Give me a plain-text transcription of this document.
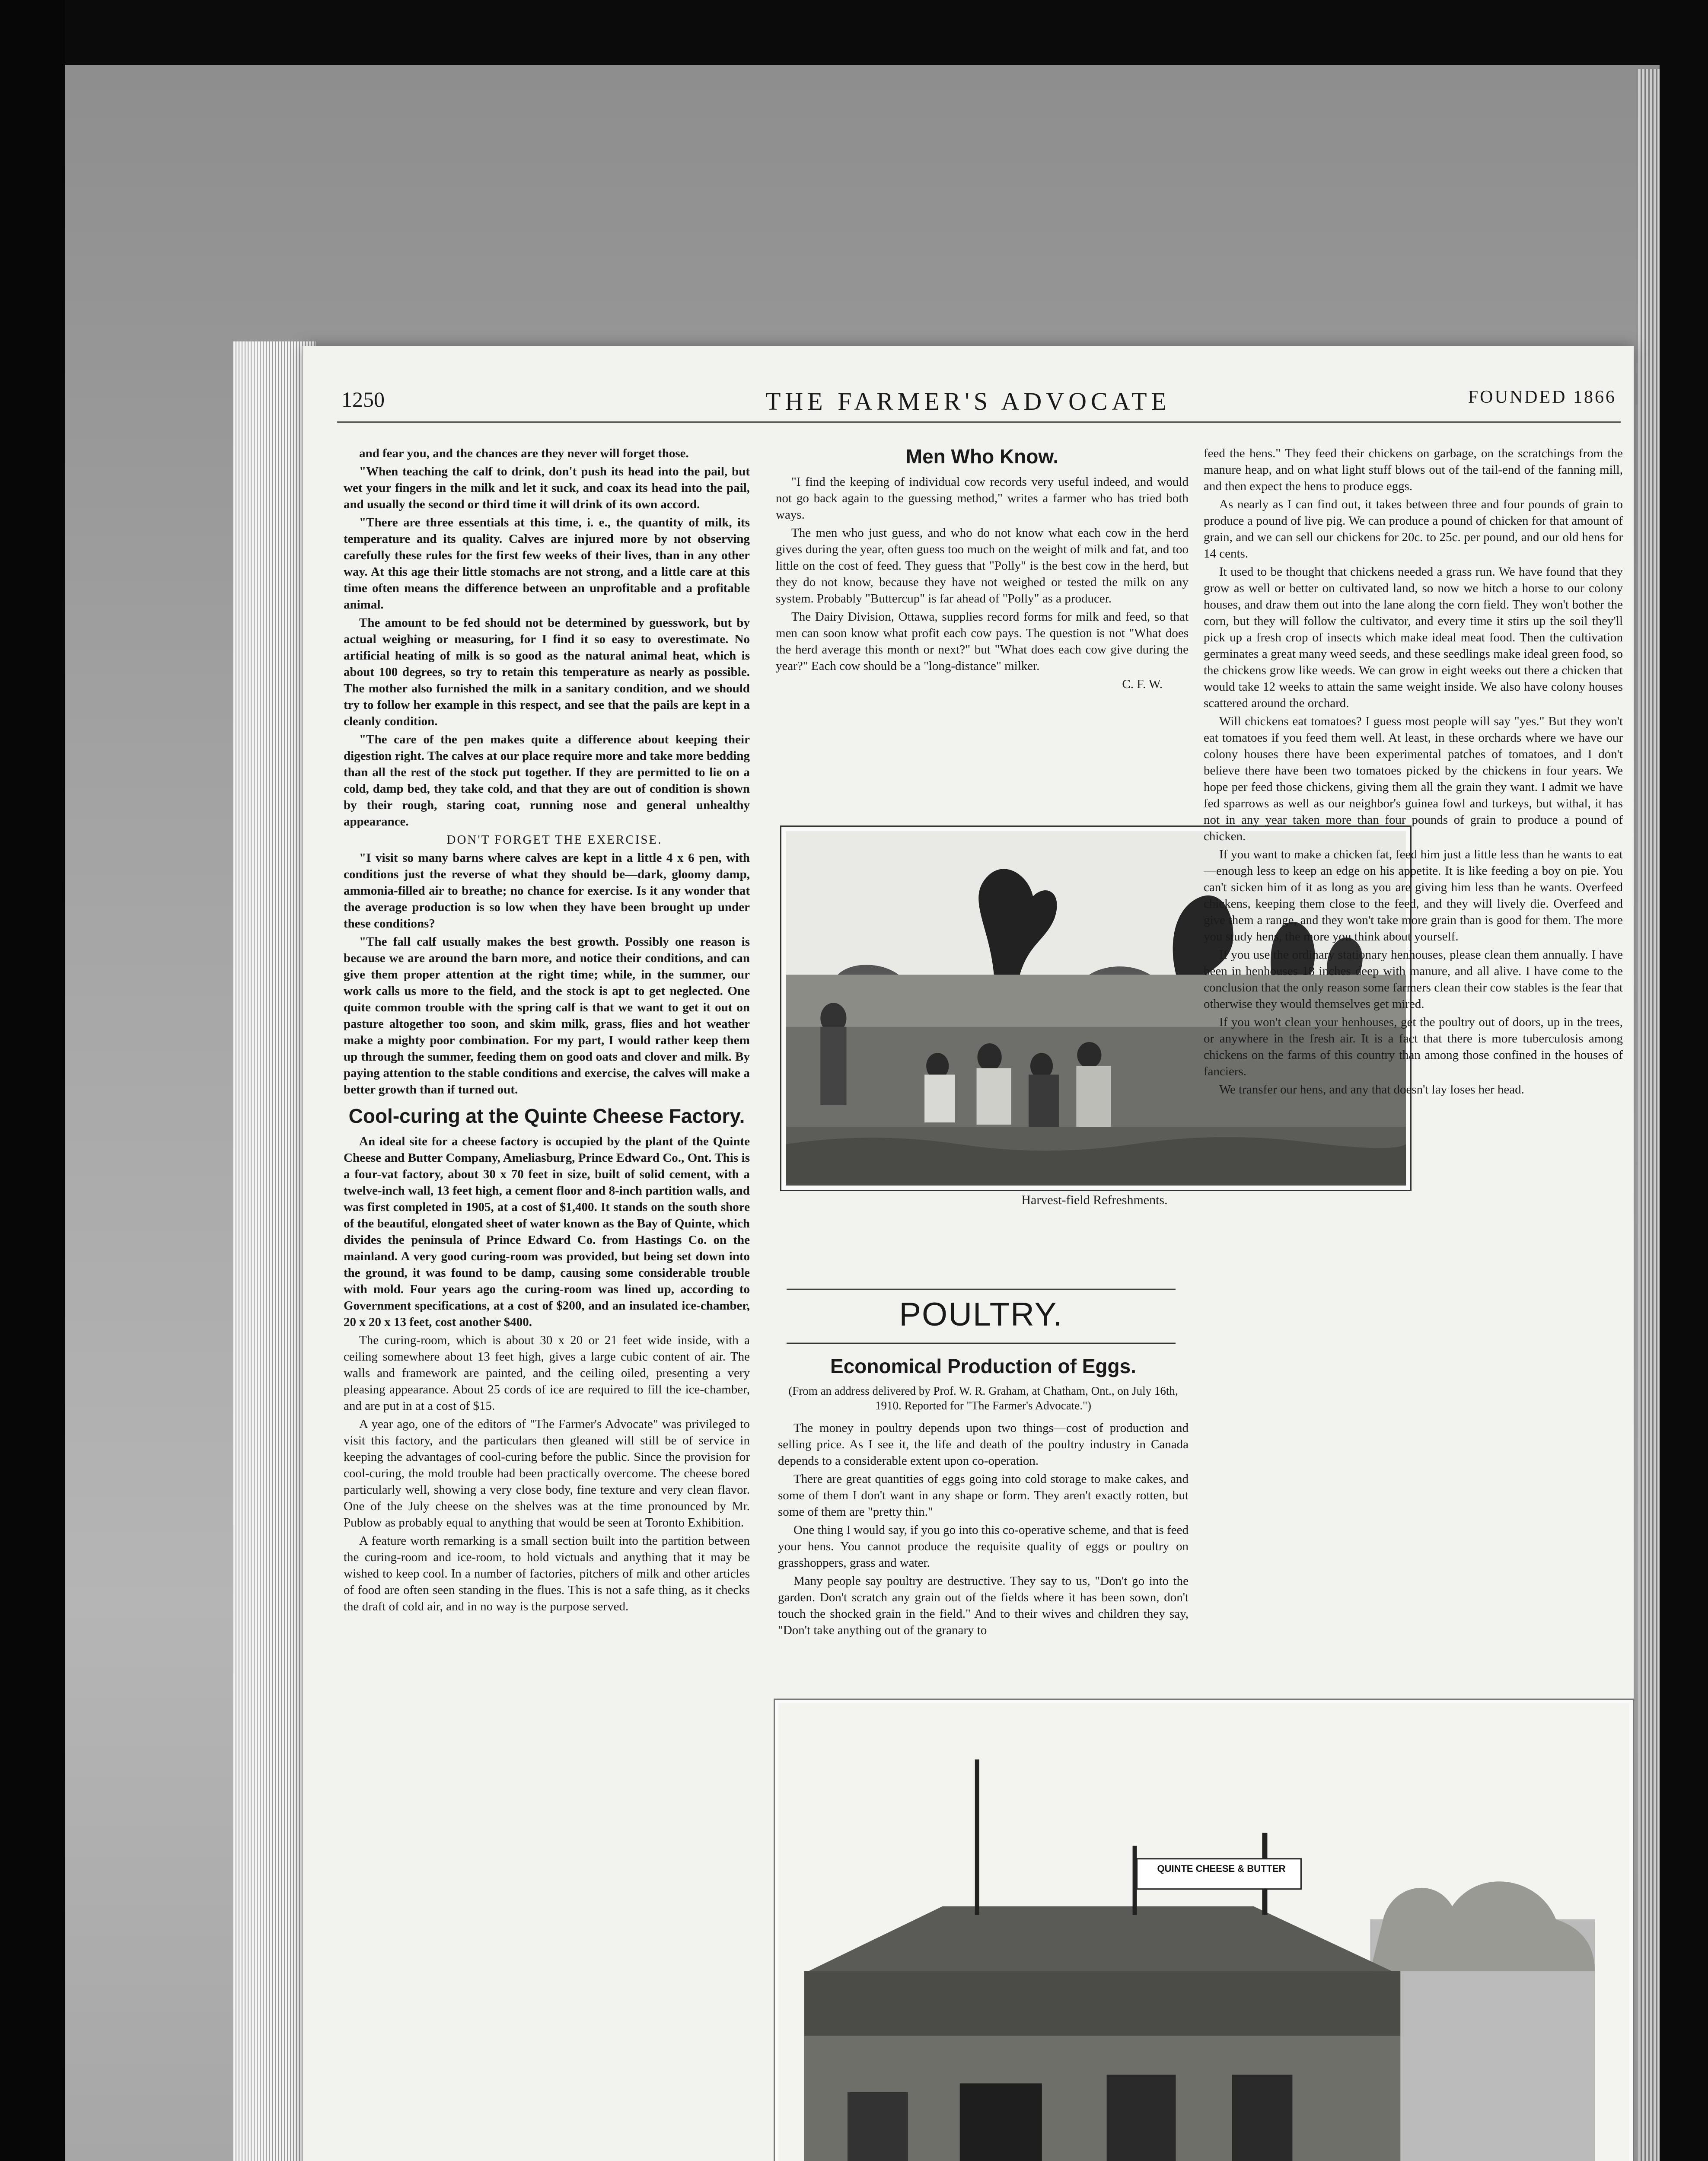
1250	THE FARMER'S ADVOCATE	FOUNDED 1866

and fear you, and the chances are they never will forget those.

"When teaching the calf to drink, don't push its head into the pail, but wet your fingers in the milk and let it suck, and coax its head into the pail, and usually the second or third time it will drink of its own accord.

"There are three essentials at this time, i. e., the quantity of milk, its temperature and its quality. Calves are injured more by not observing carefully these rules for the first few weeks of their lives, than in any other way. At this age their little stomachs are not strong, and a little care at this time often means the difference between an unprofitable and a profitable animal.

The amount to be fed should not be determined by guesswork, but by actual weighing or measuring, for I find it so easy to overestimate. No artificial heating of milk is so good as the natural animal heat, which is about 100 degrees, so try to retain this temperature as nearly as possible. The mother also furnished the milk in a sanitary condition, and we should try to follow her example in this respect, and see that the pails are kept in a cleanly condition.

"The care of the pen makes quite a difference about keeping their digestion right. The calves at our place require more and take more bedding than all the rest of the stock put together. If they are permitted to lie on a cold, damp bed, they take cold, and that they are out of condition is shown by their rough, staring coat, running nose and general unhealthy appearance.

DON'T FORGET THE EXERCISE.

"I visit so many barns where calves are kept in a little 4 x 6 pen, with conditions just the reverse of what they should be—dark, gloomy damp, ammonia-filled air to breathe; no chance for exercise. Is it any wonder that the average production is so low when they have been brought up under these conditions?

"The fall calf usually makes the best growth. Possibly one reason is because we are around the barn more, and notice their conditions, and can give them proper attention at the right time; while, in the summer, our work calls us more to the field, and the stock is apt to get neglected. One quite common trouble with the spring calf is that we want to get it out on pasture altogether too soon, and skim milk, grass, flies and hot weather make a mighty poor combination. For my part, I would rather keep them up through the summer, feeding them on good oats and clover and milk. By paying attention to the stable conditions and exercise, the calves will make a better growth than if turned out.

Cool-curing at the Quinte Cheese Factory.

An ideal site for a cheese factory is occupied by the plant of the Quinte Cheese and Butter Company, Ameliasburg, Prince Edward Co., Ont. This is a four-vat factory, about 30 x 70 feet in size, built of solid cement, with a twelve-inch wall, 13 feet high, a cement floor and 8-inch partition walls, and was first completed in 1905, at a cost of $1,400. It stands on the south shore of the beautiful, elongated sheet of water known as the Bay of Quinte, which divides the peninsula of Prince Edward Co. from Hastings Co. on the mainland. A very good curing-room was provided, but being set down into the ground, it was found to be damp, causing some considerable trouble with mold. Four years ago the curing-room was lined up, according to Government specifications, at a cost of $200, and an insulated ice-chamber, 20 x 20 x 13 feet, cost another $400.

The curing-room, which is about 30 x 20 or 21 feet wide inside, with a ceiling somewhere about 13 feet high, gives a large cubic content of air. The walls and framework are painted, and the ceiling oiled, presenting a very pleasing appearance. About 25 cords of ice are required to fill the ice-chamber, and are put in at a cost of $15.

A year ago, one of the editors of "The Farmer's Advocate" was privileged to visit this factory, and the particulars then gleaned will still be of service in keeping the advantages of cool-curing before the public. Since the provision for cool-curing, the mold trouble had been practically overcome. The cheese bored particularly well, showing a very close body, fine texture and very clean flavor. One of the July cheese on the shelves was at the time pronounced by Mr. Publow as probably equal to anything that would be seen at Toronto Exhibition.

A feature worth remarking is a small section built into the partition between the curing-room and ice-room, to hold victuals and anything that it may be wished to keep cool. In a number of factories, pitchers of milk and other articles of food are often seen standing in the flues. This is not a safe thing, as it checks the draft of cold air, and in no way is the purpose served.

Men Who Know.

"I find the keeping of individual cow records very useful indeed, and would not go back again to the guessing method," writes a farmer who has tried both ways.

The men who just guess, and who do not know what each cow in the herd gives during the year, often guess too much on the weight of milk and fat, and too little on the cost of feed. They guess that "Polly" is the best cow in the herd, but they do not know, because they have not weighed or tested the milk on any system. Probably "Buttercup" is far ahead of "Polly" as a producer.

The Dairy Division, Ottawa, supplies record forms for milk and feed, so that men can soon know what profit each cow pays. The question is not "What does the herd average this month or next?" but "What does each cow give during the year?" Each cow should be a "long-distance" milker.

C. F. W.
Harvest-field Refreshments.
POULTRY.
Economical Production of Eggs.
(From an address delivered by Prof. W. R. Graham, at Chatham, Ont., on July 16th, 1910. Reported for "The Farmer's Advocate.")

The money in poultry depends upon two things—cost of production and selling price. As I see it, the life and death of the poultry industry in Canada depends to a considerable extent upon co-operation.

There are great quantities of eggs going into cold storage to make cakes, and some of them I don't want in any shape or form. They aren't exactly rotten, but some of them are "pretty thin."

One thing I would say, if you go into this co-operative scheme, and that is feed your hens. You cannot produce the requisite quality of eggs or poultry on grasshoppers, grass and water.

Many people say poultry are destructive. They say to us, "Don't go into the garden. Don't scratch any grain out of the fields where it has been sown, don't touch the shocked grain in the field." And to their wives and children they say, "Don't take anything out of the granary to

feed the hens." They feed their chickens on garbage, on the scratchings from the manure heap, and on what light stuff blows out of the tail-end of the fanning mill, and then expect the hens to produce eggs.

As nearly as I can find out, it takes between three and four pounds of grain to produce a pound of live pig. We can produce a pound of chicken for that amount of grain, and we can sell our chickens for 20c. to 25c. per pound, and our old hens for 14 cents.

It used to be thought that chickens needed a grass run. We have found that they grow as well or better on cultivated land, so now we hitch a horse to our colony houses, and draw them out into the lane along the corn field. They won't bother the corn, but they will follow the cultivator, and every time it stirs up the soil they'll pick up a fresh crop of insects which make ideal meat food. Then the cultivation germinates a great many weed seeds, and these seedlings make ideal green food, so the chickens grow like weeds. We can grow in eight weeks out there a chicken that would take 12 weeks to attain the same weight inside. We also have colony houses scattered around the orchard.

Will chickens eat tomatoes? I guess most people will say "yes." But they won't eat tomatoes if you feed them well. At least, in these orchards where we have our colony houses there have been experimental patches of tomatoes, and I don't believe there have been two tomatoes picked by the chickens in four years. We hope per feed those chickens, giving them all the grain they want. I admit we have fed sparrows as well as our neighbor's guinea fowl and turkeys, but withal, it has not in any year taken more than four pounds of grain to produce a pound of chicken.

If you want to make a chicken fat, feed him just a little less than he wants to eat—enough less to keep an edge on his appetite. It is like feeding a boy on pie. You can't sicken him of it as long as you are giving him less than he wants. Overfeed chickens, keeping them close to the feed, and they will lively die. Overfeed and give them a range, and they won't take more grain than is good for them. The more you study hens, the more you think about yourself.

If you use the ordinary stationary henhouses, please clean them annually. I have been in henhouses 18 inches deep with manure, and all alive. I have come to the conclusion that the only reason some farmers clean their cow stables is the fear that otherwise they would themselves get mired.

If you won't clean your henhouses, get the poultry out of doors, up in the trees, or anywhere in the fresh air. It is a fact that there is more tuberculosis among chickens on the farms of this country than among those confined in the houses of fanciers.

We transfer our hens, and any that doesn't lay loses her head.

QUINTE CHEESE & BUTTER
